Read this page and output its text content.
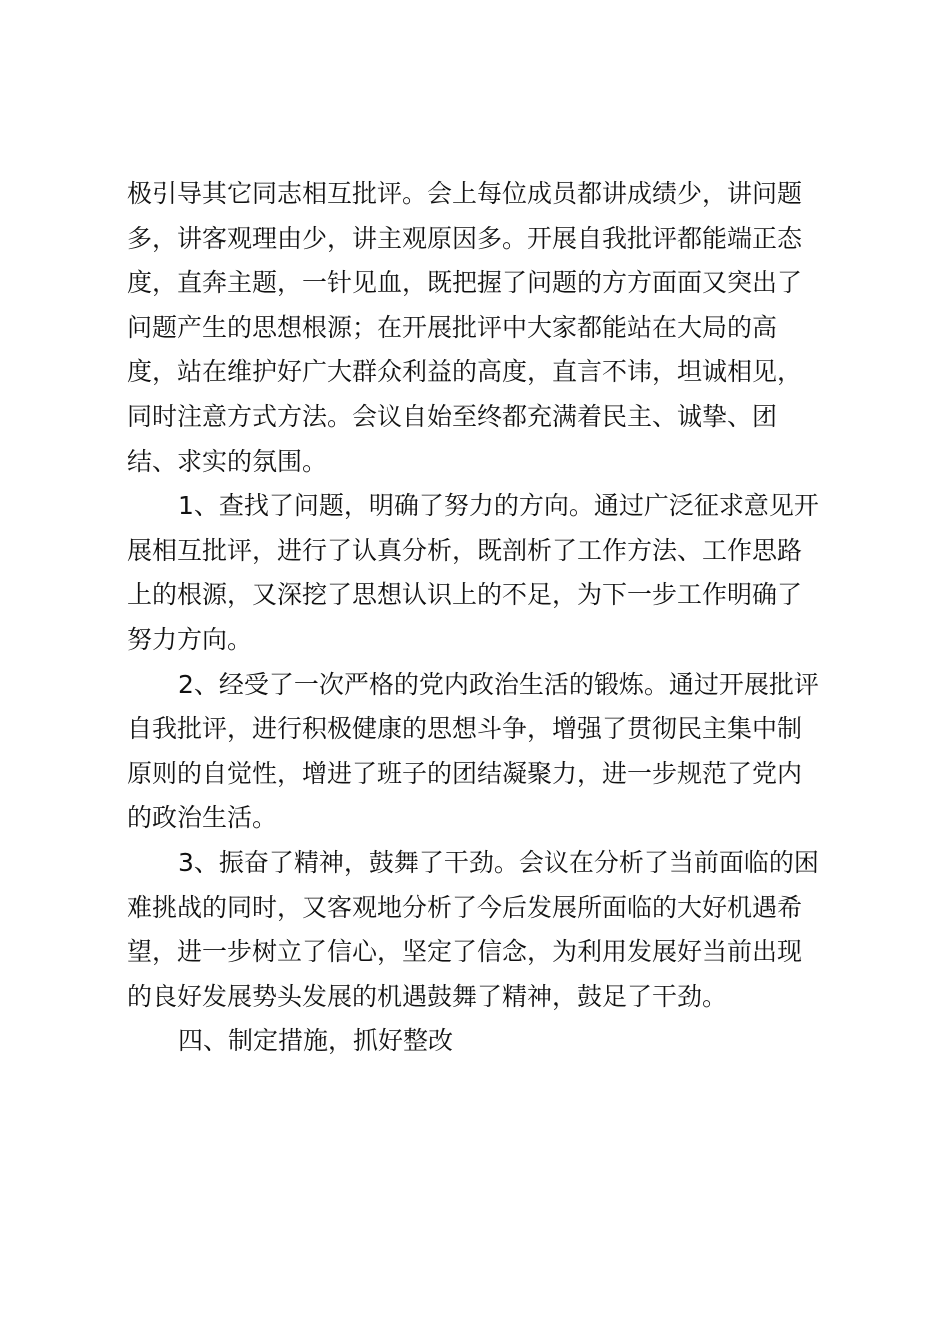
极引导其它同志相互批评。会上每位成员都讲成绩少，讲问题
多，讲客观理由少，讲主观原因多。开展自我批评都能端正态
度，直奔主题，一针见血，既把握了问题的方方面面又突出了
问题产生的思想根源；在开展批评中大家都能站在大局的高
度，站在维护好广大群众利益的高度，直言不讳，坦诚相见，
同时注意方式方法。会议自始至终都充满着民主、诚挚、团
结、求实的氛围。
1、查找了问题，明确了努力的方向。通过广泛征求意见开
展相互批评，进行了认真分析，既剖析了工作方法、工作思路
上的根源，又深挖了思想认识上的不足，为下一步工作明确了
努力方向。
2、经受了一次严格的党内政治生活的锻炼。通过开展批评
自我批评，进行积极健康的思想斗争，增强了贯彻民主集中制
原则的自觉性，增进了班子的团结凝聚力，进一步规范了党内
的政治生活。
3、振奋了精神，鼓舞了干劲。会议在分析了当前面临的困
难挑战的同时，又客观地分析了今后发展所面临的大好机遇希
望，进一步树立了信心，坚定了信念，为利用发展好当前出现
的良好发展势头发展的机遇鼓舞了精神，鼓足了干劲。
四、制定措施，抓好整改
